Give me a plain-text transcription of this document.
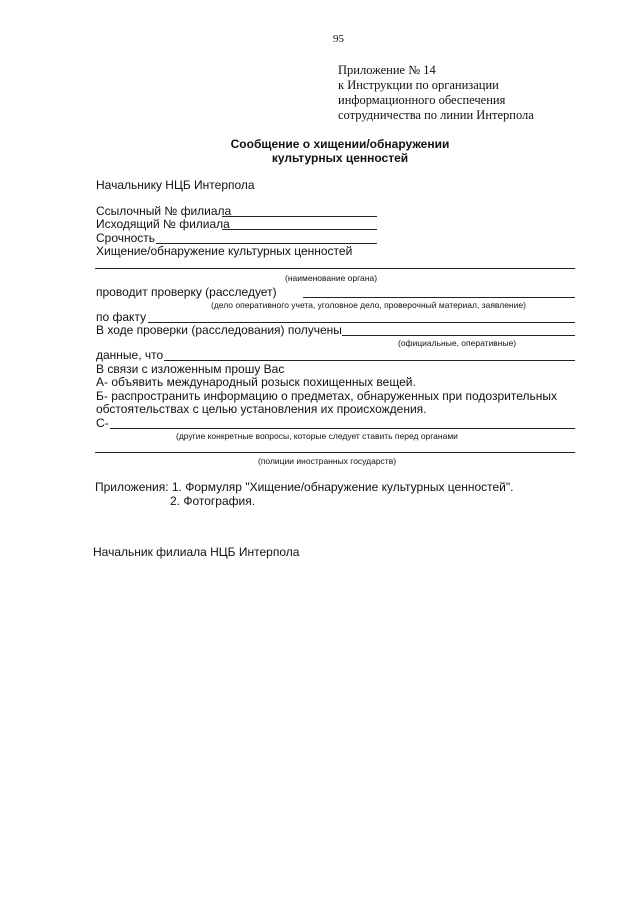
95
Приложение № 14
к Инструкции по организации
информационного обеспечения
сотрудничества по линии Интерпола
Сообщение о хищении/обнаружении
культурных ценностей
Начальнику НЦБ Интерпола
Ссылочный № филиала
Исходящий № филиала
Срочность
Хищение/обнаружение культурных ценностей
(наименование органа)
проводит проверку (расследует)
(дело оперативного учета, уголовное дело, проверочный материал, заявление)
по факту
В ходе проверки (расследования) получены
(официальные, оперативные)
данные, что
В связи с изложенным прошу Вас
А- объявить международный розыск похищенных вещей.
Б- распространить информацию о предметах, обнаруженных при подозрительных
обстоятельствах с целью установления их происхождения.
С-
(другие конкретные вопросы, которые следует ставить перед органами
(полиции иностранных государств)
Приложения: 1. Формуляр "Хищение/обнаружение культурных ценностей".
2. Фотография.
Начальник филиала НЦБ Интерпола
